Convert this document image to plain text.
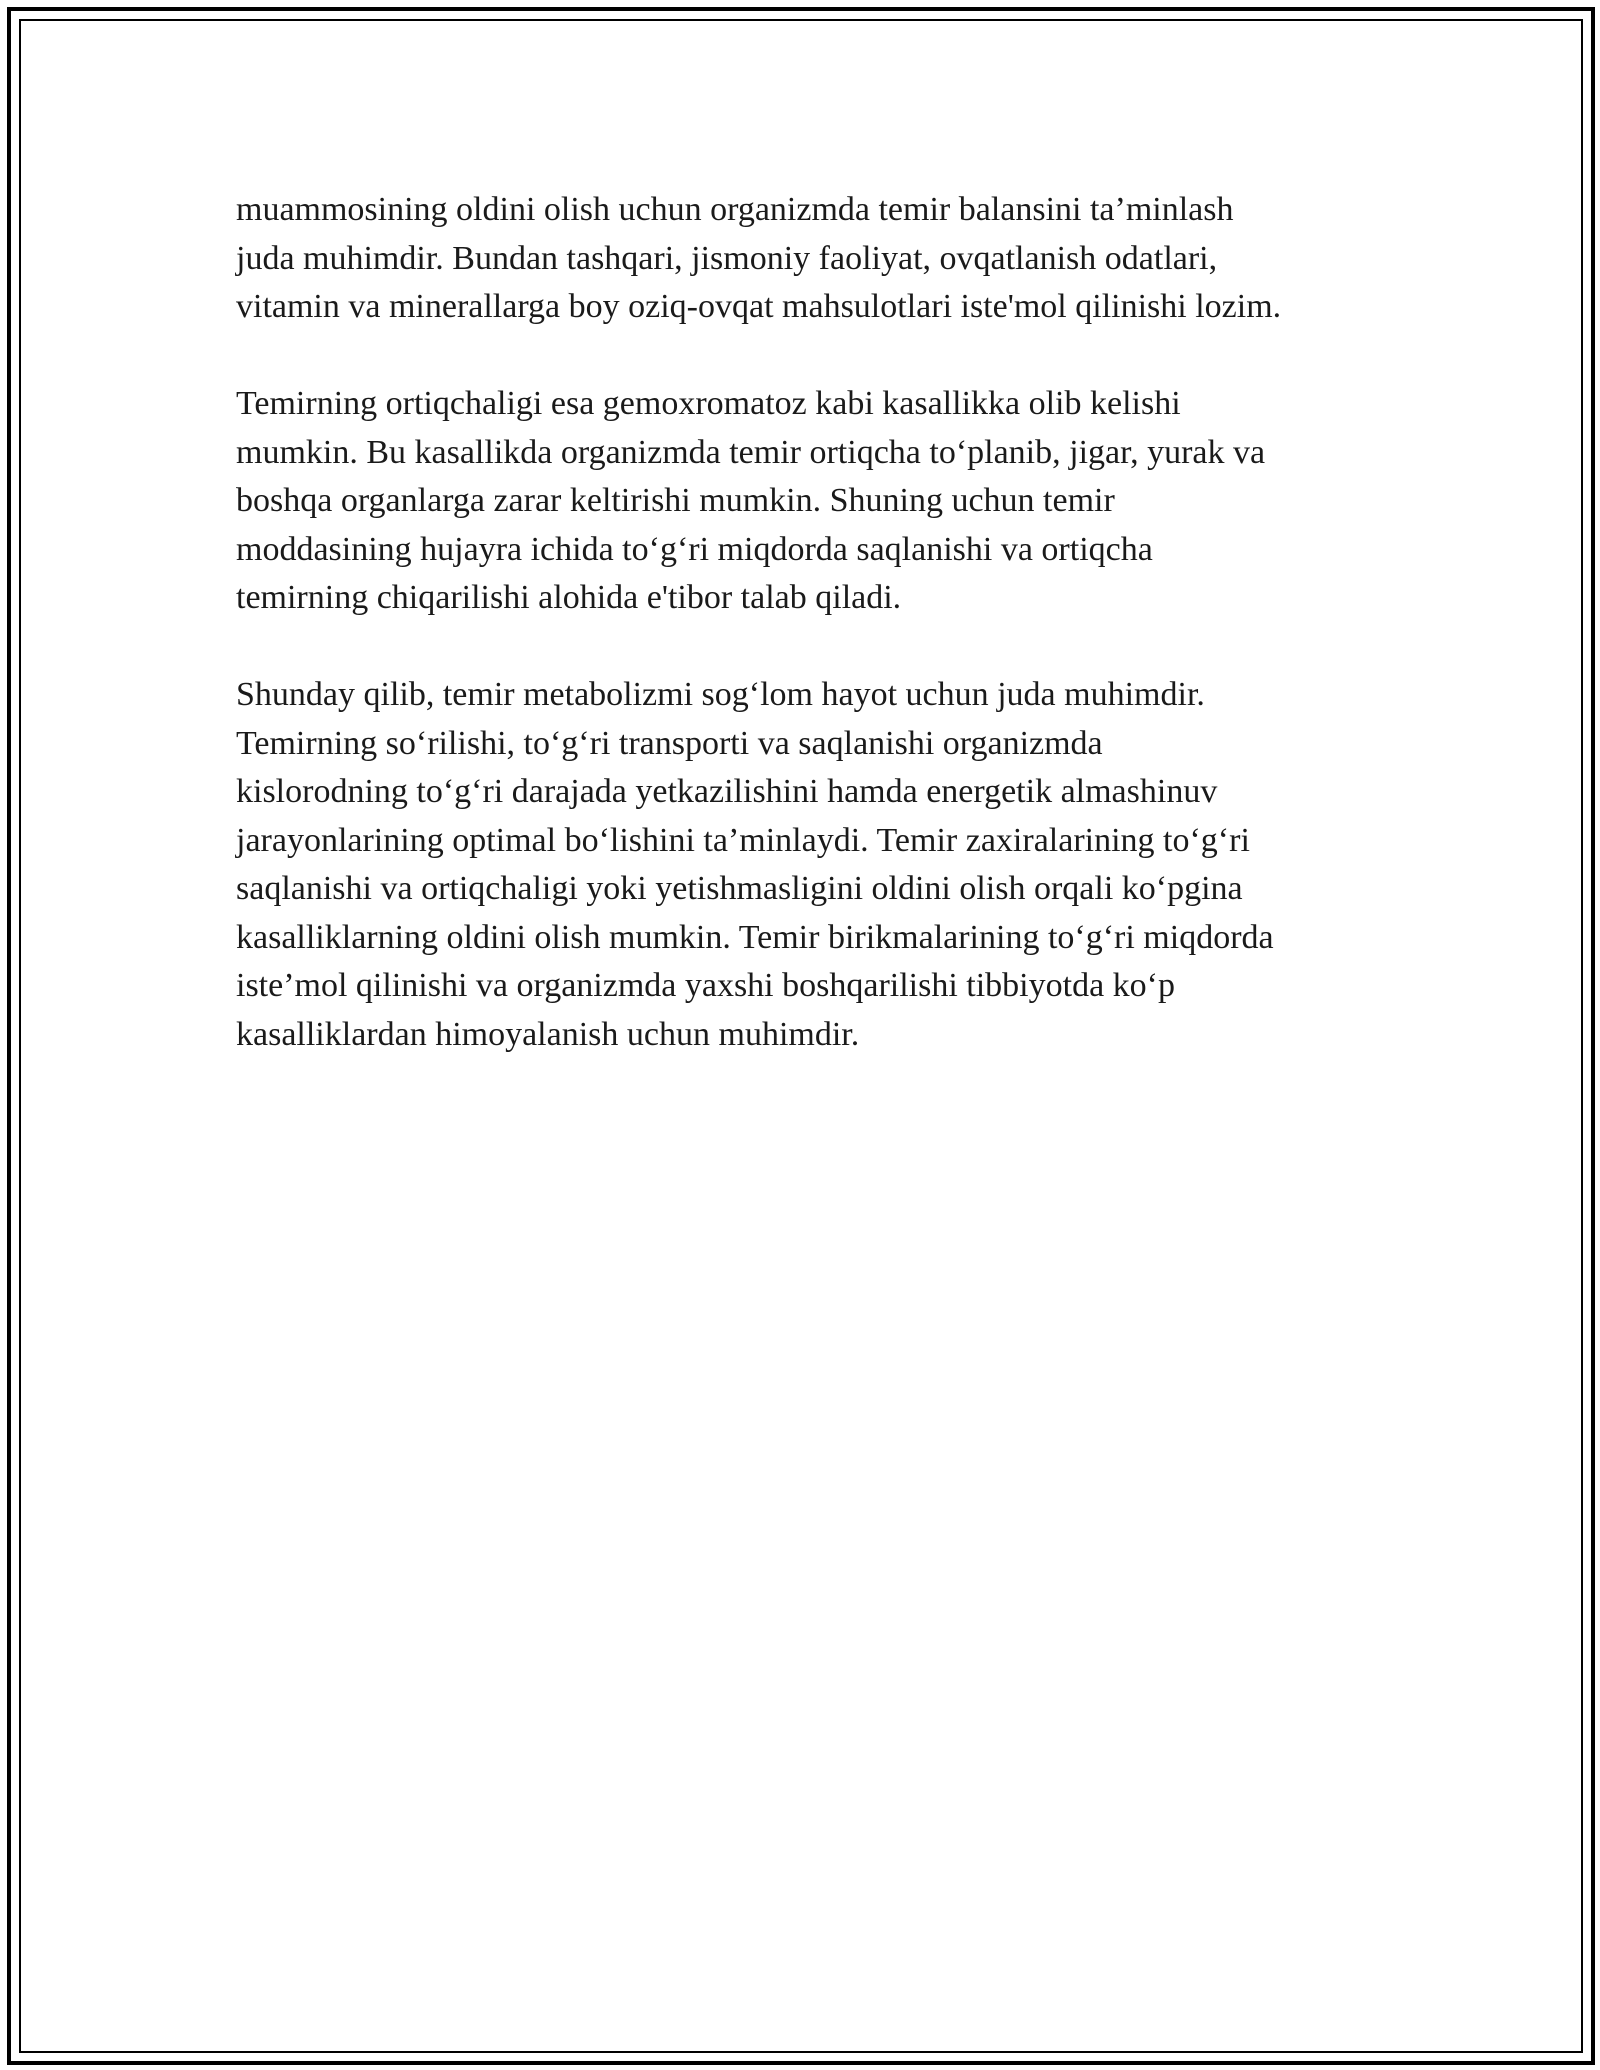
muammosining oldini olish uchun organizmda temir balansini ta’minlash
juda muhimdir. Bundan tashqari, jismoniy faoliyat, ovqatlanish odatlari,
vitamin va minerallarga boy oziq-ovqat mahsulotlari iste'mol qilinishi lozim.

Temirning ortiqchaligi esa gemoxromatoz kabi kasallikka olib kelishi
mumkin. Bu kasallikda organizmda temir ortiqcha to‘planib, jigar, yurak va
boshqa organlarga zarar keltirishi mumkin. Shuning uchun temir
moddasining hujayra ichida to‘g‘ri miqdorda saqlanishi va ortiqcha
temirning chiqarilishi alohida e'tibor talab qiladi.

Shunday qilib, temir metabolizmi sog‘lom hayot uchun juda muhimdir.
Temirning so‘rilishi, to‘g‘ri transporti va saqlanishi organizmda
kislorodning to‘g‘ri darajada yetkazilishini hamda energetik almashinuv
jarayonlarining optimal bo‘lishini ta’minlaydi. Temir zaxiralarining to‘g‘ri
saqlanishi va ortiqchaligi yoki yetishmasligini oldini olish orqali ko‘pgina
kasalliklarning oldini olish mumkin. Temir birikmalarining to‘g‘ri miqdorda
iste’mol qilinishi va organizmda yaxshi boshqarilishi tibbiyotda ko‘p
kasalliklardan himoyalanish uchun muhimdir.
